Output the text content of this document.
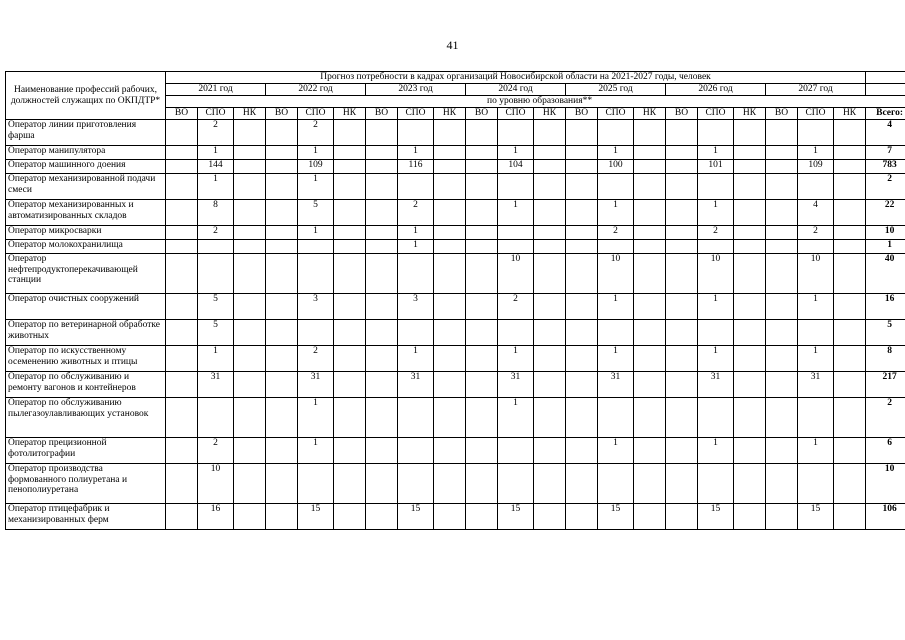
41
Наименование профессий рабочих, должностей служащих по ОКПДТР*	Прогноз потребности в кадрах организаций Новосибирской области на 2021-2027 годы, человек																					
	2021 год			2022 год			2023 год			2024 год			2025 год			2026 год			2027 год			
	по уровню образования**																					
	ВО	СПО	НК	ВО	СПО	НК	ВО	СПО	НК	ВО	СПО	НК	ВО	СПО	НК	ВО	СПО	НК	ВО	СПО	НК	Всего:
Оператор линии приготовления фарша		2			2																	4
Оператор манипулятора		1			1			1			1			1			1			1		7
Оператор машинного доения		144			109			116			104			100			101			109		783
Оператор механизированной подачи смеси		1			1																	2
Оператор механизированных и автоматизированных складов		8			5			2			1			1			1			4		22
Оператор микросварки		2			1			1						2			2			2		10
Оператор молокохранилища								1														1
Оператор нефтепродуктоперекачивающей станции											10			10			10			10		40
Оператор очистных сооружений		5			3			3			2			1			1			1		16
Оператор по ветеринарной обработке животных		5																				5
Оператор по искусственному осеменению животных и птицы		1			2			1			1			1			1			1		8
Оператор по обслуживанию и ремонту вагонов и контейнеров		31			31			31			31			31			31			31		217
Оператор по обслуживанию пылегазоулавливающих установок					1						1											2
Оператор прецизионной фотолитографии		2			1									1			1			1		6
Оператор производства формованного полиуретана и пенополиуретана		10																				10
Оператор птицефабрик и механизированных ферм		16			15			15			15			15			15			15		106
